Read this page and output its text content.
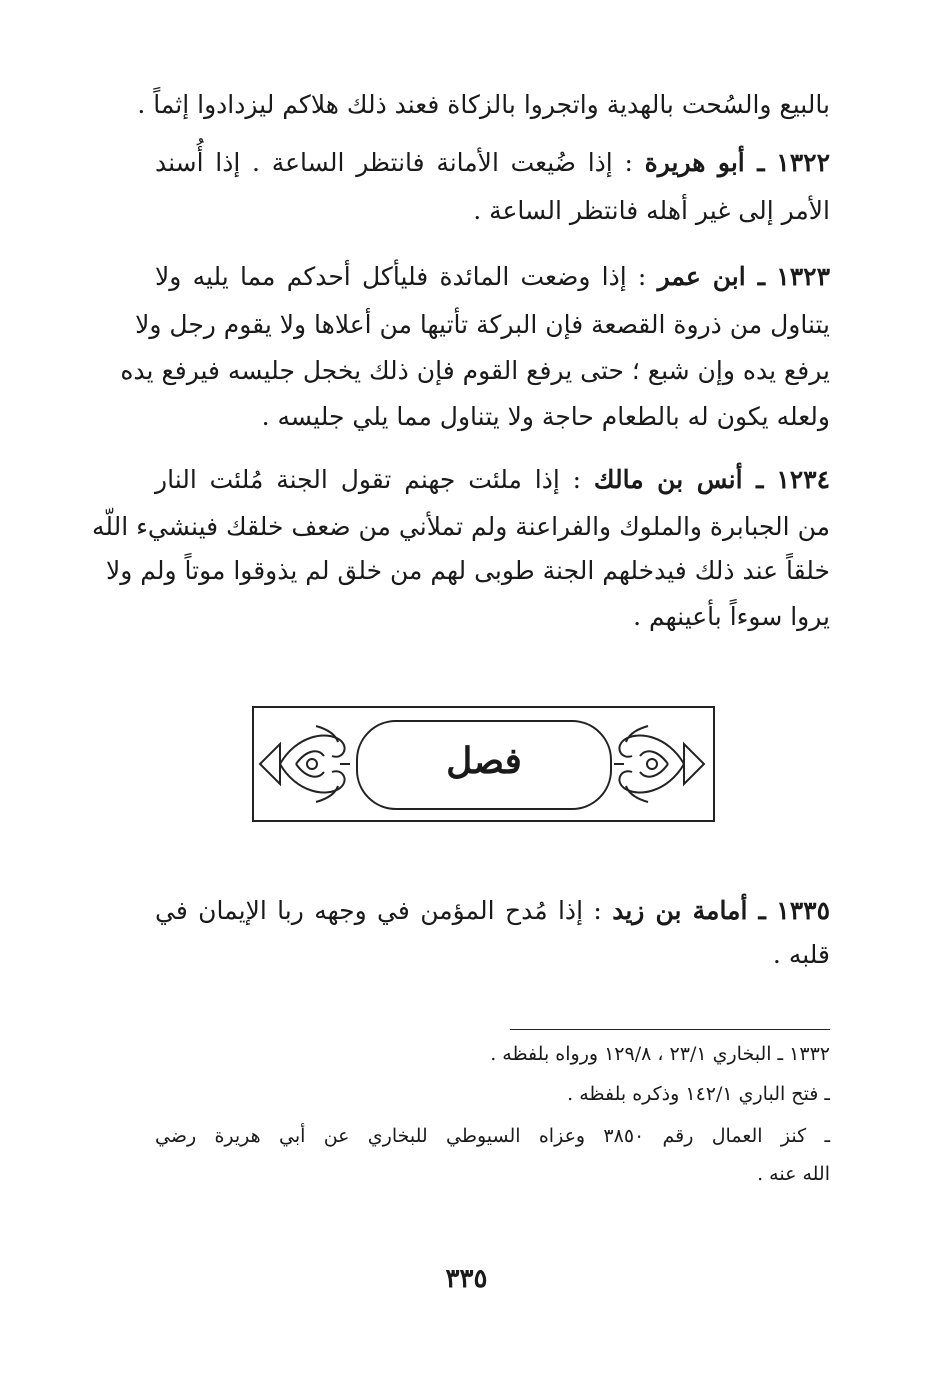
بالبيع والسُحت بالهدية واتجروا بالزكاة فعند ذلك هلاكم ليزدادوا إثماً .
١٣٢٢ ـ أبو هريرة : إذا ضُيعت الأمانة فانتظر الساعة . إذا أُسند
الأمر إلى غير أهله فانتظر الساعة .
١٣٢٣ ـ ابن عمر : إذا وضعت المائدة فليأكل أحدكم مما يليه ولا
يتناول من ذروة القصعة فإن البركة تأتيها من أعلاها ولا يقوم رجل ولا
يرفع يده وإن شبع ؛ حتى يرفع القوم فإن ذلك يخجل جليسه فيرفع يده
ولعله يكون له بالطعام حاجة ولا يتناول مما يلي جليسه .
١٢٣٤ ـ أنس بن مالك : إذا ملئت جهنم تقول الجنة مُلئت النار
من الجبابرة والملوك والفراعنة ولم تملأني من ضعف خلقك فينشيء اللّه
خلقاً عند ذلك فيدخلهم الجنة طوبى لهم من خلق لم يذوقوا موتاً ولم ولا
يروا سوءاً بأعينهم .
فصل
١٣٣٥ ـ أمامة بن زيد : إذا مُدح المؤمن في وجهه ربا الإيمان في
قلبه .
١٣٣٢ ـ البخاري ٢٣/١ ، ١٢٩/٨ ورواه بلفظه .
ـ فتح الباري ١٤٢/١ وذكره بلفظه .
ـ كنز العمال رقم ٣٨٥٠ وعزاه السيوطي للبخاري عن أبي هريرة رضي
الله عنه .
٣٣٥
